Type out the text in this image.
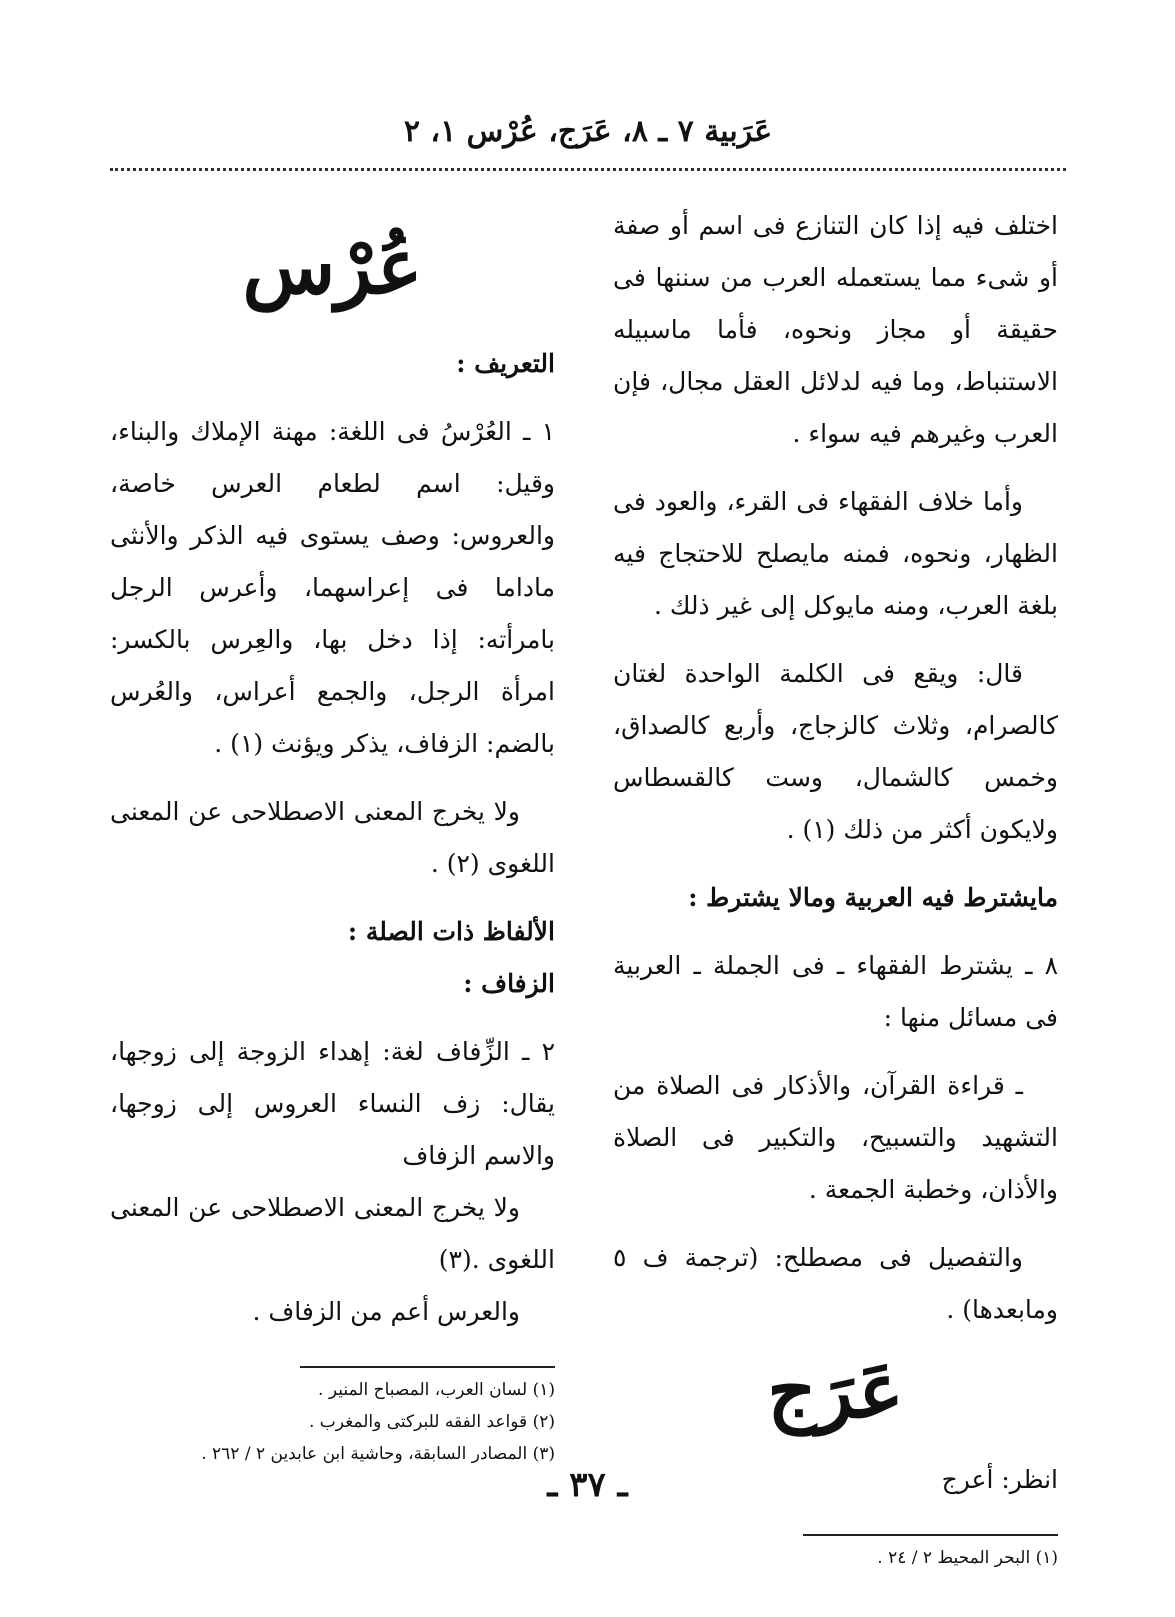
عَرَبية ٧ ـ ٨، عَرَج، عُرْس ١، ٢

اختلف فيه إذا كان التنازع فى اسم أو صفة أو شىء مما يستعمله العرب من سننها فى حقيقة أو مجاز ونحوه، فأما ماسبيله الاستنباط، وما فيه لدلائل العقل مجال، فإن العرب وغيرهم فيه سواء .

وأما خلاف الفقهاء فى القرء، والعود فى الظهار، ونحوه، فمنه مايصلح للاحتجاج فيه بلغة العرب، ومنه مايوكل إلى غير ذلك .

قال: ويقع فى الكلمة الواحدة لغتان كالصرام، وثلاث كالزجاج، وأربع كالصداق، وخمس كالشمال، وست كالقسطاس ولايكون أكثر من ذلك (١) .

مايشترط فيه العربية ومالا يشترط :

٨ ـ يشترط الفقهاء ـ فى الجملة ـ العربية فى مسائل منها :

ـ قراءة القرآن، والأذكار فى الصلاة من التشهيد والتسبيح، والتكبير فى الصلاة والأذان، وخطبة الجمعة .

والتفصيل فى مصطلح: (ترجمة ف ٥ ومابعدها) .

عَرَج

انظر: أعرج

(١) البحر المحيط ٢ / ٢٤ .
عُرْس

التعريف :

١ ـ العُرْسُ فى اللغة: مهنة الإملاك والبناء، وقيل: اسم لطعام العرس خاصة، والعروس: وصف يستوى فيه الذكر والأنثى ماداما فى إعراسهما، وأعرس الرجل بامرأته: إذا دخل بها، والعِرس بالكسر: امرأة الرجل، والجمع أعراس، والعُرس بالضم: الزفاف، يذكر ويؤنث (١) .

ولا يخرج المعنى الاصطلاحى عن المعنى اللغوى (٢) .

الألفاظ ذات الصلة :

الزفاف :

٢ ـ الزِّفاف لغة: إهداء الزوجة إلى زوجها، يقال: زف النساء العروس إلى زوجها، والاسم الزفاف

ولا يخرج المعنى الاصطلاحى عن المعنى اللغوى .(٣)

والعرس أعم من الزفاف .

(١) لسان العرب، المصباح المنير .
(٢) قواعد الفقه للبركتى والمغرب .
(٣) المصادر السابقة، وحاشية ابن عابدين ٢ / ٢٦٢ .
ـ ٣٧ ـ
